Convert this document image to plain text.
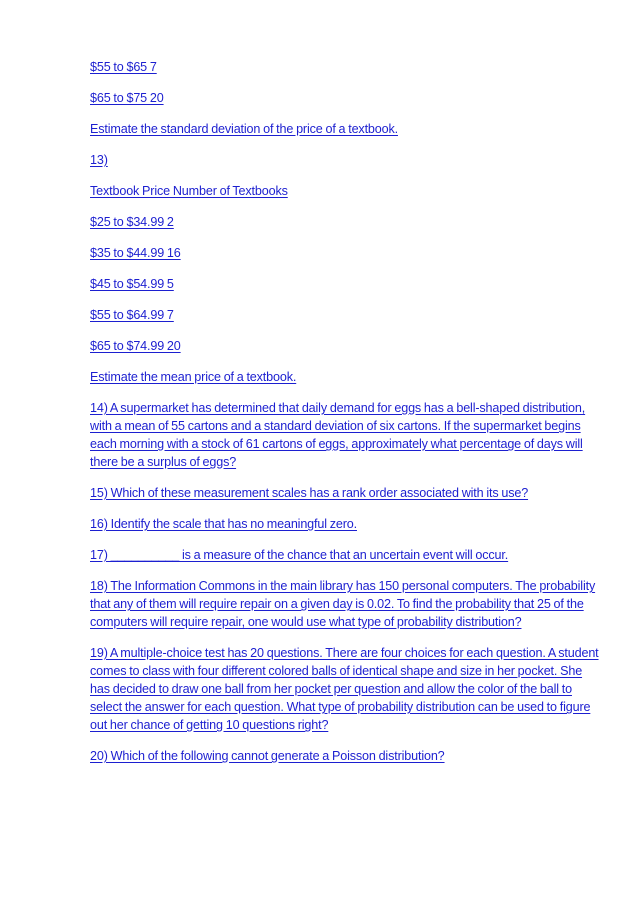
$55 to $65 7

$65 to $75 20

Estimate the standard deviation of the price of a textbook.

13)

Textbook Price Number of Textbooks

$25 to $34.99 2

$35 to $44.99 16

$45 to $54.99 5

$55 to $64.99 7

$65 to $74.99 20

Estimate the mean price of a textbook.

14) A supermarket has determined that daily demand for eggs has a bell-shaped distribution, with a mean of 55 cartons and a standard deviation of six cartons. If the supermarket begins each morning with a stock of 61 cartons of eggs, approximately what percentage of days will there be a surplus of eggs?

15) Which of these measurement scales has a rank order associated with its use?

16) Identify the scale that has no meaningful zero.

17) __________ is a measure of the chance that an uncertain event will occur.

18) The Information Commons in the main library has 150 personal computers. The probability that any of them will require repair on a given day is 0.02. To find the probability that 25 of the computers will require repair, one would use what type of probability distribution?

19) A multiple-choice test has 20 questions. There are four choices for each question. A student comes to class with four different colored balls of identical shape and size in her pocket. She has decided to draw one ball from her pocket per question and allow the color of the ball to select the answer for each question. What type of probability distribution can be used to figure out her chance of getting 10 questions right?

20) Which of the following cannot generate a Poisson distribution?
